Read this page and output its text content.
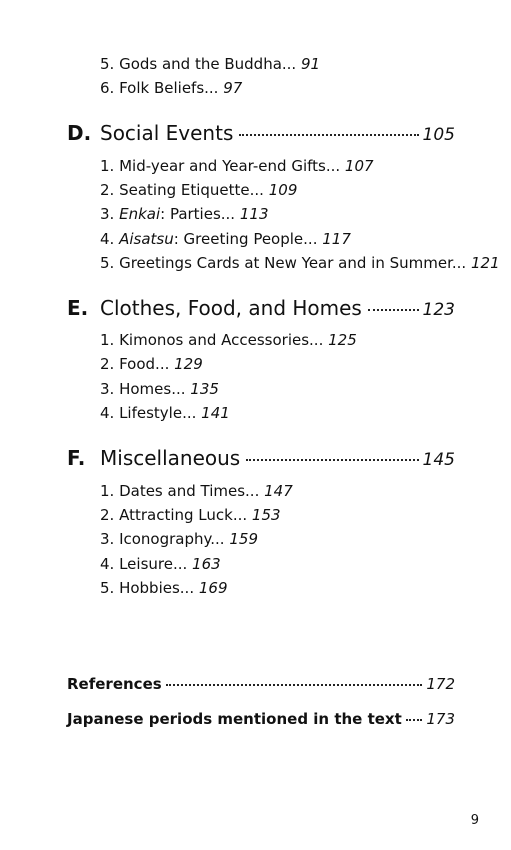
5. Gods and the Buddha... 91
6. Folk Beliefs... 97
D. Social Events	105
1. Mid-year and Year-end Gifts... 107
2. Seating Etiquette... 109
3. Enkai: Parties... 113
4. Aisatsu: Greeting People... 117
5. Greetings Cards at New Year and in Summer... 121
E. Clothes, Food, and Homes	123
1. Kimonos and Accessories... 125
2. Food... 129
3. Homes... 135
4. Lifestyle... 141
F. Miscellaneous	145
1. Dates and Times... 147
2. Attracting Luck... 153
3. Iconography... 159
4. Leisure... 163
5. Hobbies... 169
References	172
Japanese periods mentioned in the text 173
9
